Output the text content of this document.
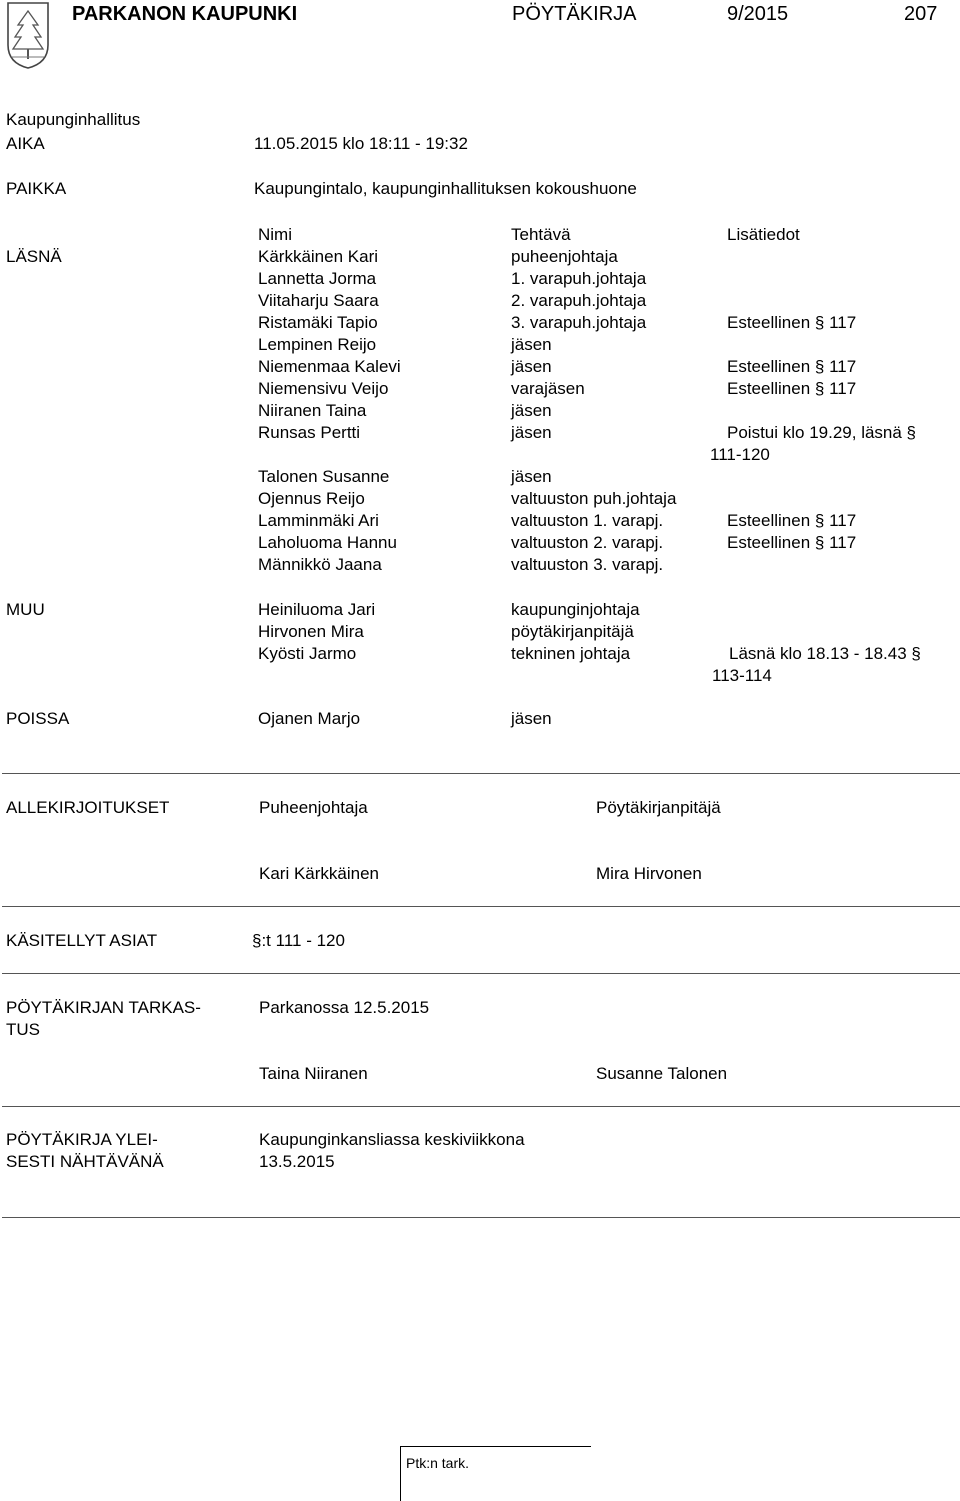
PARKANON KAUPUNKI	PÖYTÄKIRJA	9/2015	207
Kaupunginhallitus
AIKA	11.05.2015 klo 18:11 - 19:32
PAIKKA	Kaupungintalo, kaupunginhallituksen kokoushuone
Nimi	Tehtävä	Lisätiedot
LÄSNÄ	Kärkkäinen Kari	puheenjohtaja
Lannetta Jorma	1. varapuh.johtaja
Viitaharju Saara	2. varapuh.johtaja
Ristamäki Tapio	3. varapuh.johtaja	Esteellinen § 117
Lempinen Reijo	jäsen
Niemenmaa Kalevi	jäsen	Esteellinen § 117
Niemensivu Veijo	varajäsen	Esteellinen § 117
Niiranen Taina	jäsen
Runsas Pertti	jäsen	Poistui klo 19.29, läsnä §
111-120
Talonen Susanne	jäsen
Ojennus Reijo	valtuuston puh.johtaja
Lamminmäki Ari	valtuuston 1. varapj.	Esteellinen § 117
Laholuoma Hannu	valtuuston 2. varapj.	Esteellinen § 117
Männikkö Jaana	valtuuston 3. varapj.
MUU	Heiniluoma Jari	kaupunginjohtaja
Hirvonen Mira	pöytäkirjanpitäjä
Kyösti Jarmo	tekninen johtaja	Läsnä klo 18.13 - 18.43 §
113-114
POISSA	Ojanen Marjo	jäsen
ALLEKIRJOITUKSET	Puheenjohtaja	Pöytäkirjanpitäjä
Kari Kärkkäinen	Mira Hirvonen
KÄSITELLYT ASIAT	§:t 111 - 120
PÖYTÄKIRJAN TARKAS-
TUS
Parkanossa 12.5.2015
Taina Niiranen	Susanne Talonen
PÖYTÄKIRJA YLEI-
SESTI NÄHTÄVÄNÄ
Kaupunginkansliassa keskiviikkona
13.5.2015
Ptk:n tark.
